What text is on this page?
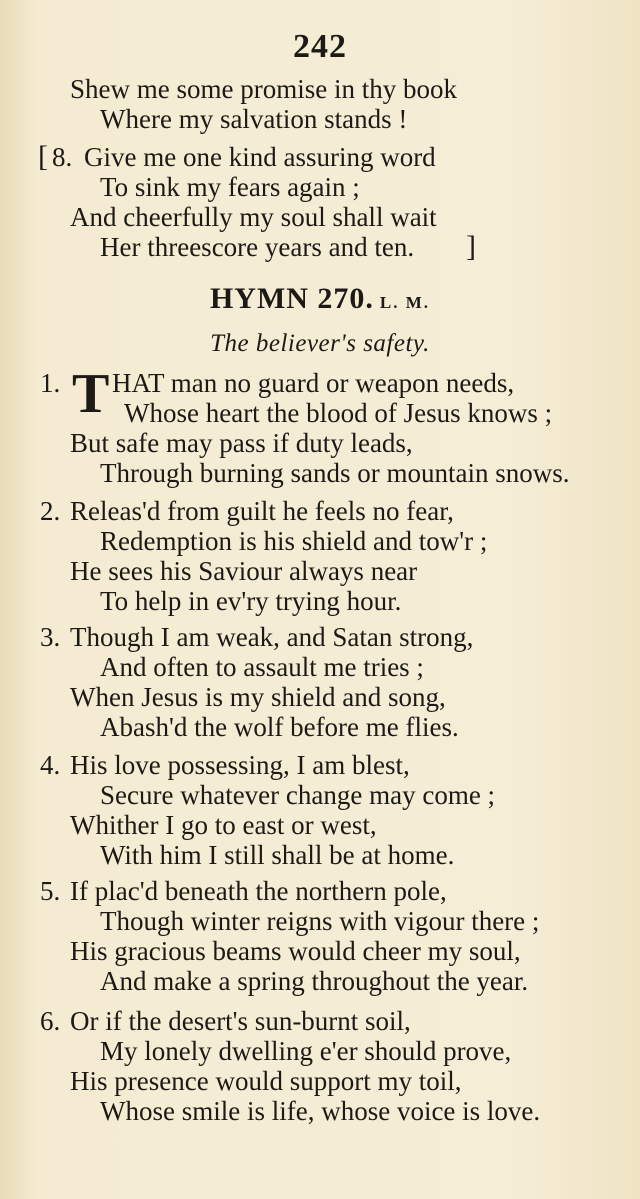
242
Shew me some promise in thy book
Where my salvation stands !
[ 8. Give me one kind assuring word
To sink my fears again ;
And cheerfully my soul shall wait
Her threescore years and ten. ]
HYMN 270. L. M.
The believer's safety.
1. T HAT man no guard or weapon needs,
Whose heart the blood of Jesus knows ;
But safe may pass if duty leads,
Through burning sands or mountain snows.
2. Releas'd from guilt he feels no fear,
Redemption is his shield and tow'r ;
He sees his Saviour always near
To help in ev'ry trying hour.
3. Though I am weak, and Satan strong,
And often to assault me tries ;
When Jesus is my shield and song,
Abash'd the wolf before me flies.
4. His love possessing, I am blest,
Secure whatever change may come ;
Whither I go to east or west,
With him I still shall be at home.
5. If plac'd beneath the northern pole,
Though winter reigns with vigour there ;
His gracious beams would cheer my soul,
And make a spring throughout the year.
6. Or if the desert's sun-burnt soil,
My lonely dwelling e'er should prove,
His presence would support my toil,
Whose smile is life, whose voice is love.
